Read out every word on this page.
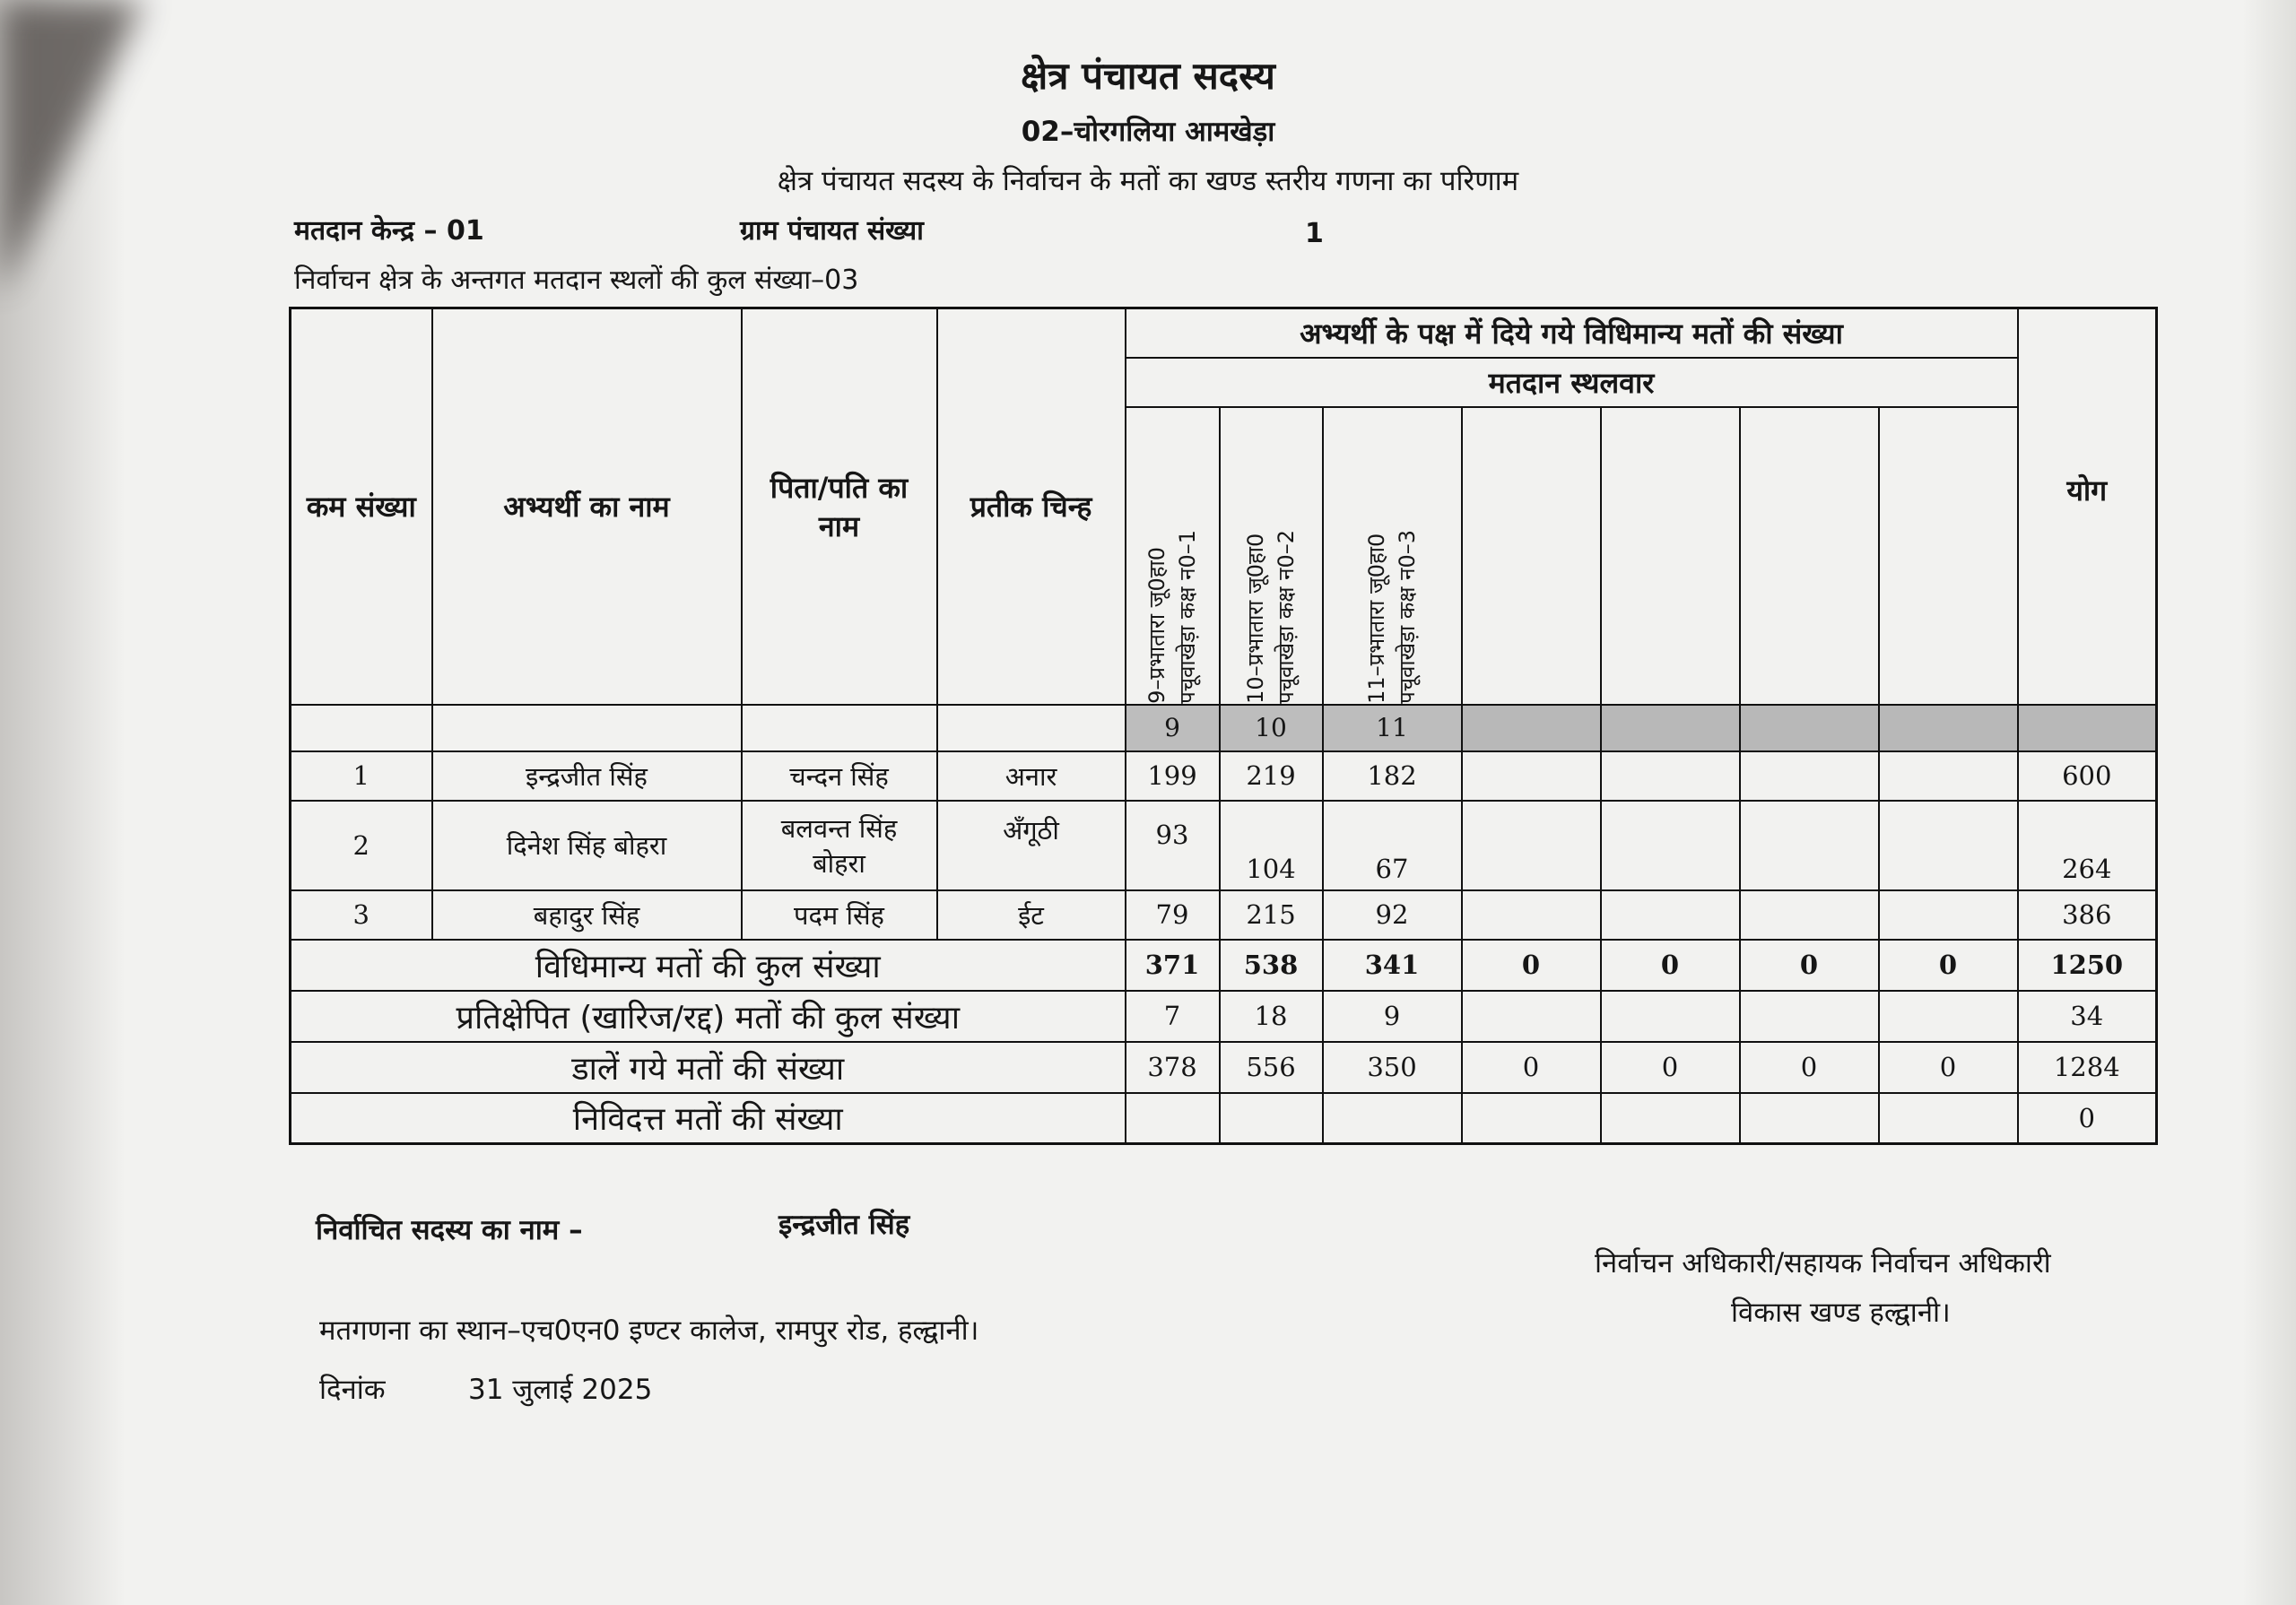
क्षेत्र पंचायत सदस्य
02–चोरगलिया आमखेड़ा
क्षेत्र पंचायत सदस्य के निर्वाचन के मतों का खण्ड स्तरीय गणना का परिणाम
मतदान केन्द्र – 01	ग्राम पंचायत संख्या	1
निर्वाचन क्षेत्र के अन्तगत मतदान स्थलों की कुल संख्या–03
कम संख्या	अभ्यर्थी का नाम	पिता/पति का नाम	प्रतीक चिन्ह	अभ्यर्थी के पक्ष में दिये गये विधिमान्य मतों की संख्या							योग
				मतदान स्थलवार							

				9–प्रभातारा जू0हा0 पचूवाखेड़ा कक्ष न0–1	10–प्रभातारा जू0हा0 पचूवाखेड़ा कक्ष न0–2	11–प्रभातारा जू0हा0 पचूवाखेड़ा कक्ष न0–3					

				9	10	11					
1	इन्द्रजीत सिंह	चन्दन सिंह	अनार	199	219	182					600
2	दिनेश सिंह बोहरा	बलवन्त सिंह बोहरा	अँगूठी	93	104	67					264
3	बहादुर सिंह	पदम सिंह	ईट	79	215	92					386
विधिमान्य मतों की कुल संख्या				371	538	341	0	0	0	0	1250
प्रतिक्षेपित (खारिज/रद्द) मतों की कुल संख्या				7	18	9					34
डालें गये मतों की संख्या				378	556	350	0	0	0	0	1284
निविदत्त मतों की संख्या											0
निर्वाचित सदस्य का नाम –	इन्द्रजीत सिंह
निर्वाचन अधिकारी/सहायक निर्वाचन अधिकारी
विकास खण्ड हल्द्वानी।
मतगणना का स्थान–एच0एन0 इण्टर कालेज, रामपुर रोड, हल्द्वानी।
दिनांक	31 जुलाई 2025
